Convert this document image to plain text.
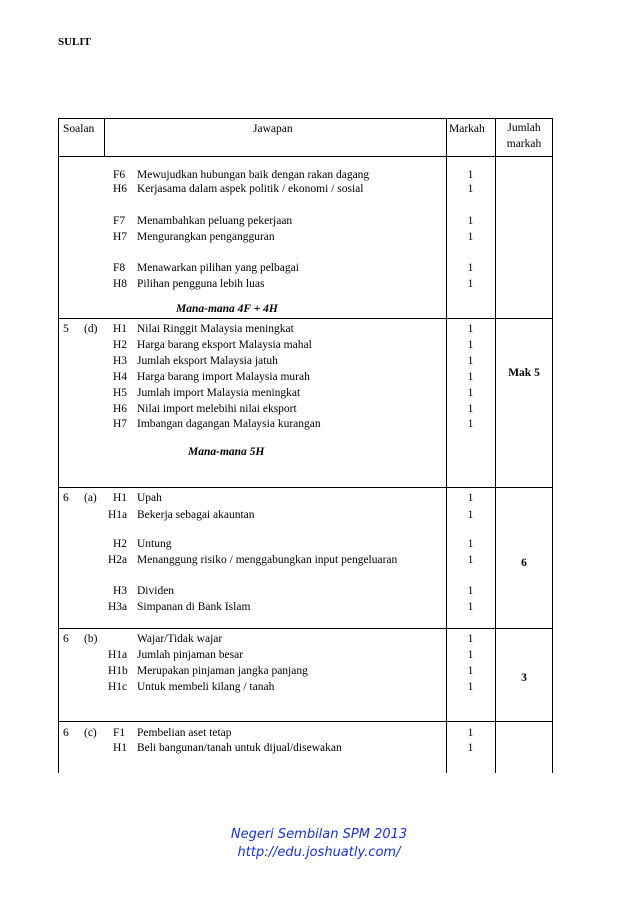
SULIT
Soalan	Jawapan	Markah	Jumlah
markah
F6 Mewujudkan hubungan baik dengan rakan dagang	1
H6 Kerjasama dalam aspek politik / ekonomi / sosial	1
F7 Menambahkan peluang pekerjaan	1
H7 Mengurangkan pengangguran	1
F8 Menawarkan pilihan yang pelbagai	1
H8 Pilihan pengguna lebih luas	1
Mana-mana 4F + 4H
5 (d) H1 Nilai Ringgit Malaysia meningkat	1
H2 Harga barang eksport Malaysia mahal	1
H3 Jumlah eksport Malaysia jatuh	1
H4 Harga barang import Malaysia murah	1
H5 Jumlah import Malaysia meningkat	1
H6 Nilai import melebihi nilai eksport	1
H7 Imbangan dagangan Malaysia kurangan	1
Mana-mana 5H
Mak 5
6 (a) H1 Upah	1
H1a Bekerja sebagai akauntan	1
H2 Untung	1
H2a Menanggung risiko / menggabungkan input pengeluaran	1
H3 Dividen	1
H3a Simpanan di Bank Islam	1
6
6 (b)	Wajar/Tidak wajar	1
H1a Jumlah pinjaman besar	1
H1b Merupakan pinjaman jangka panjang	1
H1c Untuk membeli kilang / tanah	1
3
6 (c) F1 Pembelian aset tetap	1
H1 Beli bangunan/tanah untuk dijual/disewakan	1
Negeri Sembilan SPM 2013
http://edu.joshuatly.com/
